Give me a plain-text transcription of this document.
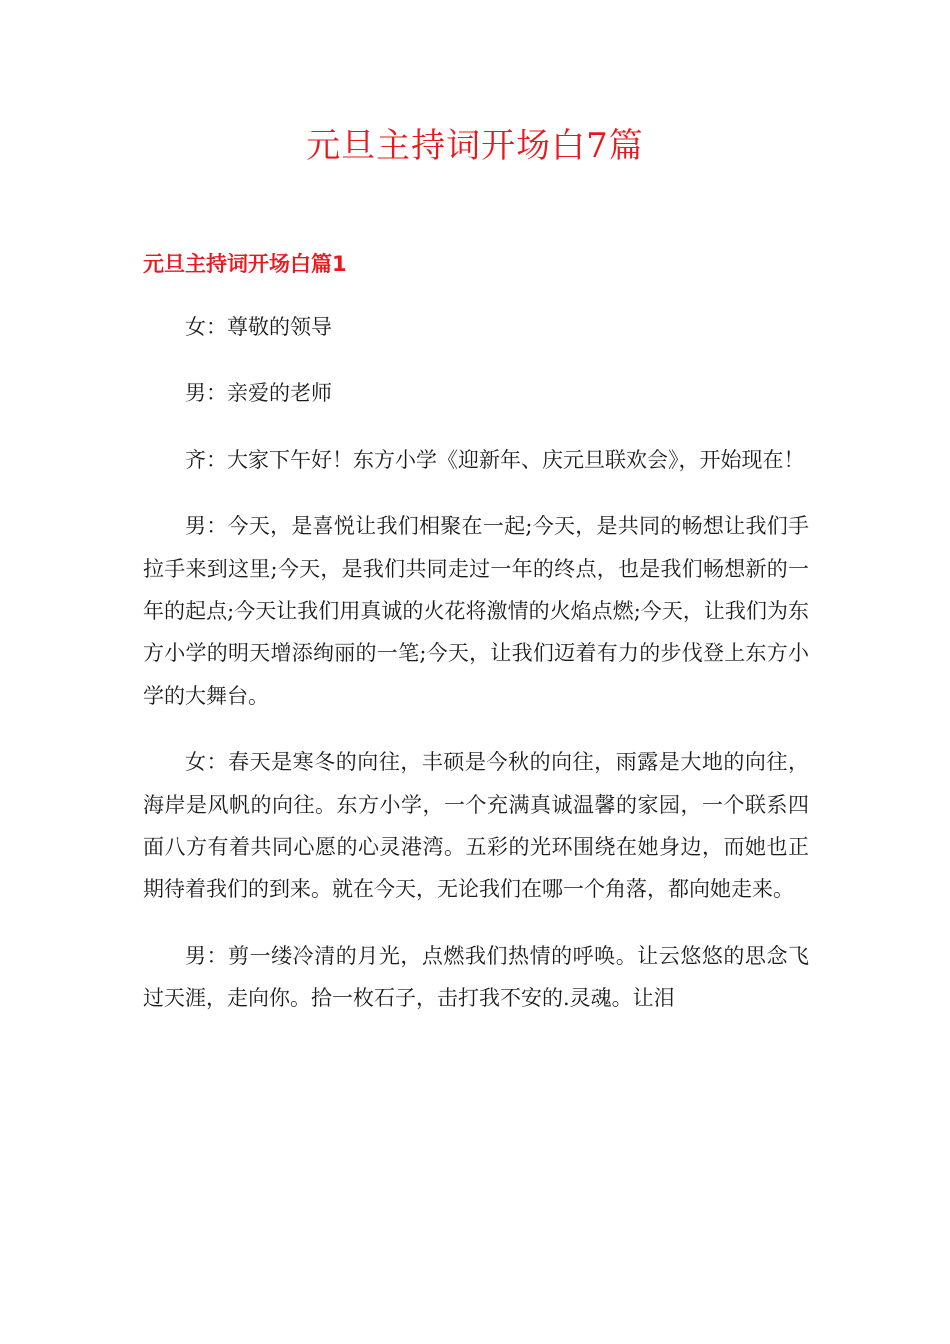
元旦主持词开场白7篇
元旦主持词开场白篇1

女：尊敬的领导

男：亲爱的老师

齐：大家下午好！东方小学《迎新年、庆元旦联欢会》，开始现在！

男：今天，是喜悦让我们相聚在一起;今天，是共同的畅想让我们手拉手来到这里;今天，是我们共同走过一年的终点，也是我们畅想新的一年的起点;今天让我们用真诚的火花将激情的火焰点燃;今天，让我们为东方小学的明天增添绚丽的一笔;今天，让我们迈着有力的步伐登上东方小学的大舞台。

女：春天是寒冬的向往，丰硕是今秋的向往，雨露是大地的向往，海岸是风帆的向往。东方小学，一个充满真诚温馨的家园，一个联系四面八方有着共同心愿的心灵港湾。五彩的光环围绕在她身边，而她也正期待着我们的到来。就在今天，无论我们在哪一个角落，都向她走来。

男：剪一缕冷清的月光，点燃我们热情的呼唤。让云悠悠的思念飞过天涯，走向你。拾一枚石子，击打我不安的.灵魂。让泪
